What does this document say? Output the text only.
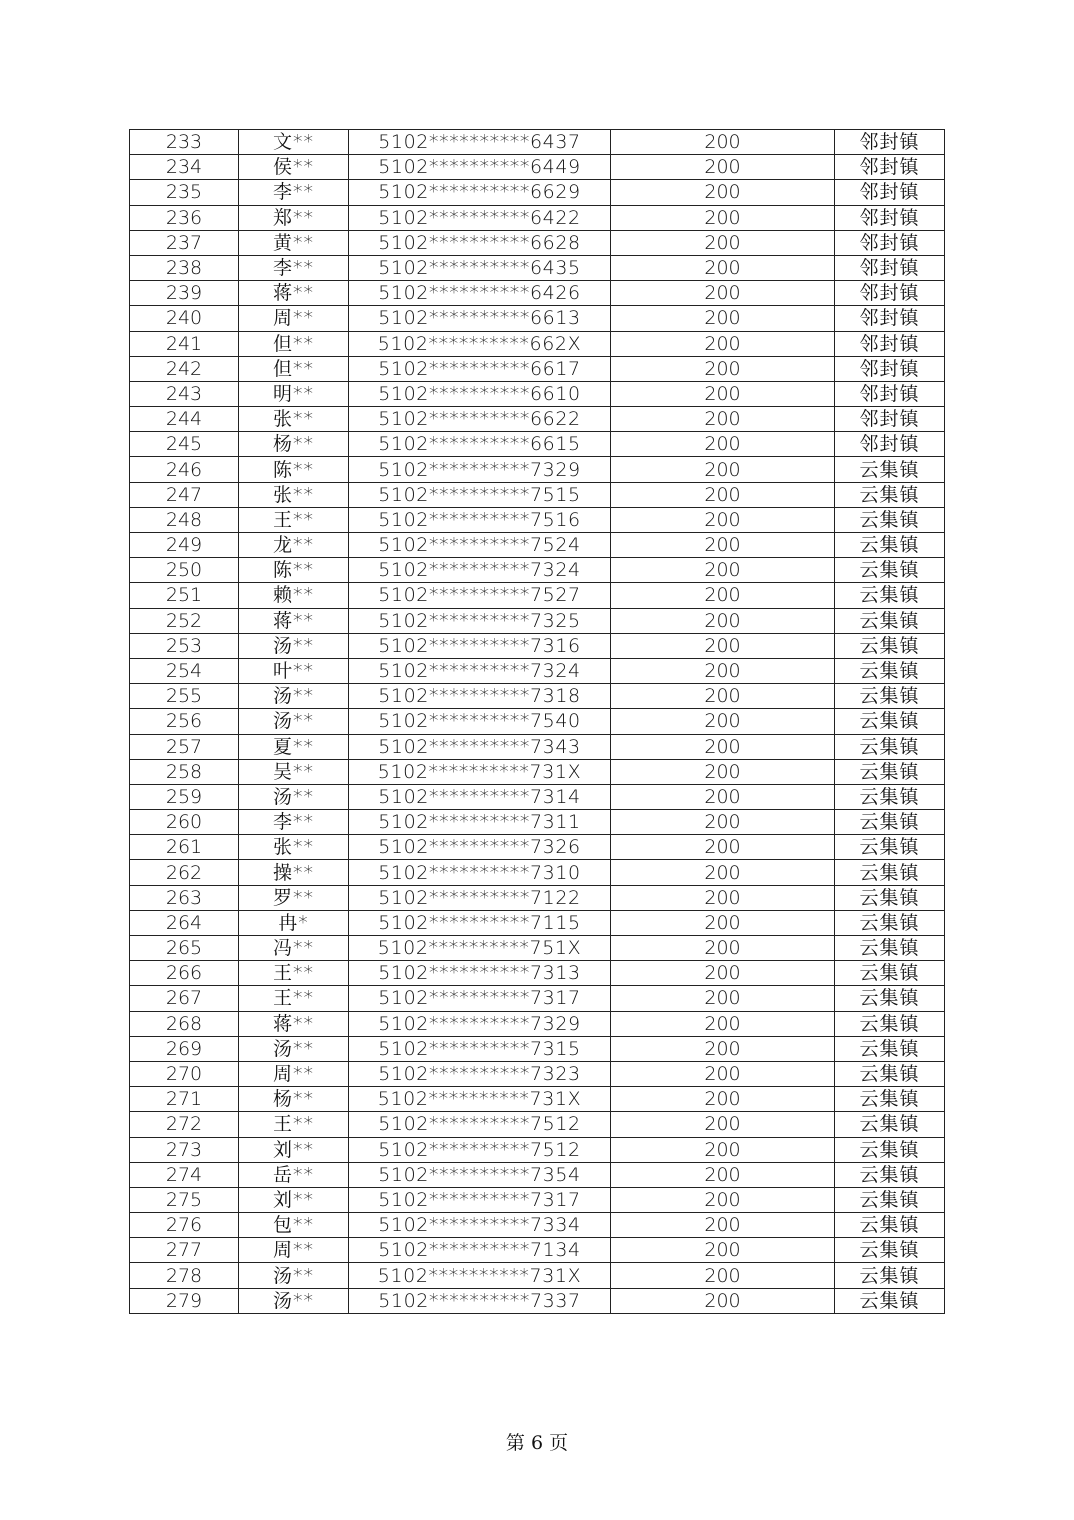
233	文**	5102**********6437	200	邻封镇
234	侯**	5102**********6449	200	邻封镇
235	李**	5102**********6629	200	邻封镇
236	郑**	5102**********6422	200	邻封镇
237	黄**	5102**********6628	200	邻封镇
238	李**	5102**********6435	200	邻封镇
239	蒋**	5102**********6426	200	邻封镇
240	周**	5102**********6613	200	邻封镇
241	但**	5102**********662X	200	邻封镇
242	但**	5102**********6617	200	邻封镇
243	明**	5102**********6610	200	邻封镇
244	张**	5102**********6622	200	邻封镇
245	杨**	5102**********6615	200	邻封镇
246	陈**	5102**********7329	200	云集镇
247	张**	5102**********7515	200	云集镇
248	王**	5102**********7516	200	云集镇
249	龙**	5102**********7524	200	云集镇
250	陈**	5102**********7324	200	云集镇
251	赖**	5102**********7527	200	云集镇
252	蒋**	5102**********7325	200	云集镇
253	汤**	5102**********7316	200	云集镇
254	叶**	5102**********7324	200	云集镇
255	汤**	5102**********7318	200	云集镇
256	汤**	5102**********7540	200	云集镇
257	夏**	5102**********7343	200	云集镇
258	吴**	5102**********731X	200	云集镇
259	汤**	5102**********7314	200	云集镇
260	李**	5102**********7311	200	云集镇
261	张**	5102**********7326	200	云集镇
262	操**	5102**********7310	200	云集镇
263	罗**	5102**********7122	200	云集镇
264	冉*	5102**********7115	200	云集镇
265	冯**	5102**********751X	200	云集镇
266	王**	5102**********7313	200	云集镇
267	王**	5102**********7317	200	云集镇
268	蒋**	5102**********7329	200	云集镇
269	汤**	5102**********7315	200	云集镇
270	周**	5102**********7323	200	云集镇
271	杨**	5102**********731X	200	云集镇
272	王**	5102**********7512	200	云集镇
273	刘**	5102**********7512	200	云集镇
274	岳**	5102**********7354	200	云集镇
275	刘**	5102**********7317	200	云集镇
276	包**	5102**********7334	200	云集镇
277	周**	5102**********7134	200	云集镇
278	汤**	5102**********731X	200	云集镇
279	汤**	5102**********7337	200	云集镇
第 6 页
